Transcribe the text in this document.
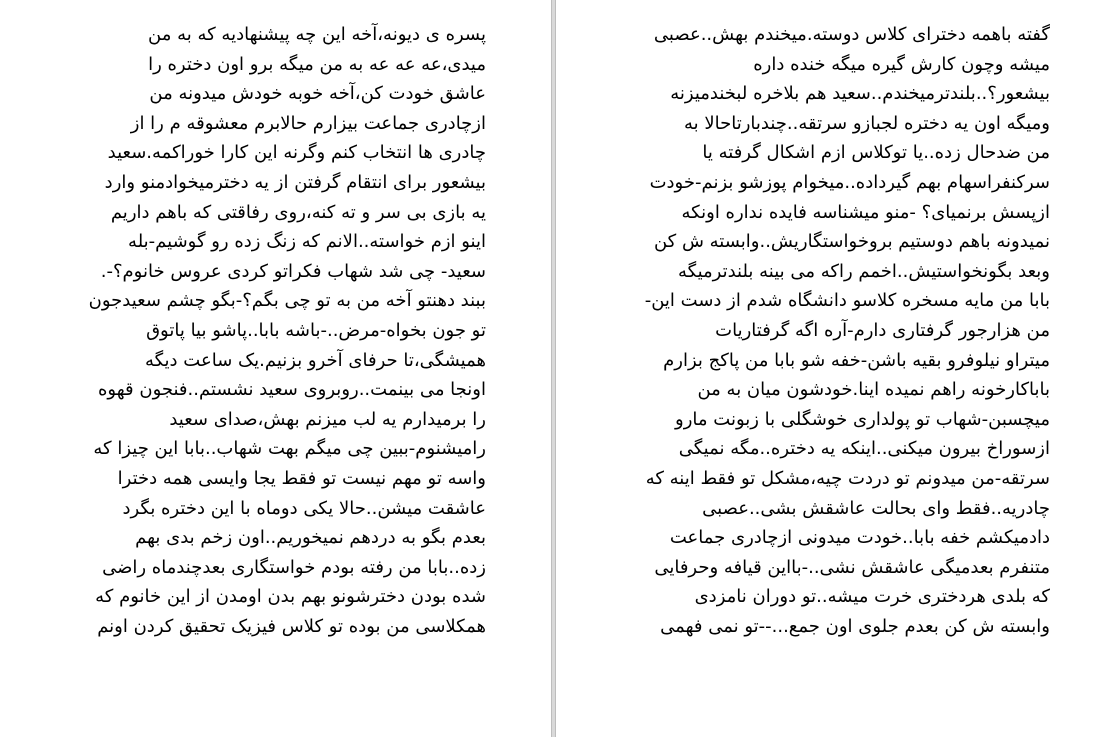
پسره ی دیونه،آخه این چه پیشنهادیه که به من
میدی،عه عه عه به من میگه برو اون دختره را
عاشق خودت کن،آخه خوبه خودش میدونه من
ازچادری جماعت بیزارم حالابرم معشوقه م را از
چادری ها انتخاب کنم وگرنه این کارا خوراکمه.سعید
بیشعور برای انتقام گرفتن از یه دخترمیخوادمنو وارد
یه بازی بی سر و ته کنه،روی رفاقتی که باهم داریم
اینو ازم خواسته..الانم که زنگ زده رو گوشیم-بله
سعید- چی شد شهاب فکراتو کردی عروس خانوم؟-.
ببند دهنتو آخه من به تو چی بگم؟-بگو چشم سعیدجون
تو جون بخواه-مرض..-باشه بابا..پاشو بیا پاتوق
همیشگی،تا حرفای آخرو بزنیم.یک ساعت دیگه
اونجا می بینمت..روبروی سعید نشستم..فنجون قهوه
را برمیدارم یه لب میزنم بهش،صدای سعید
رامیشنوم-ببین چی میگم بهت شهاب..بابا این چیزا که
واسه تو مهم نیست تو فقط یجا وایسی همه دخترا
عاشقت میشن..حالا یکی دوماه با این دختره بگرد
بعدم بگو به دردهم نمیخوریم..اون زخم بدی بهم
زده..بابا من رفته بودم خواستگاری بعدچندماه راضی
شده بودن دخترشونو بهم بدن اومدن از این خانوم که
همکلاسی من بوده تو کلاس فیزیک تحقیق کردن اونم
گفته باهمه دخترای کلاس دوسته.میخندم بهش..عصبی
میشه وچون کارش گیره میگه خنده داره
بیشعور؟..بلندترمیخندم..سعید هم بلاخره لبخندمیزنه
ومیگه اون یه دختره لجبازو سرتقه..چندبارتاحالا به
من ضدحال زده..یا توکلاس ازم اشکال گرفته یا
سرکنفراسهام بهم گیرداده..میخوام پوزشو بزنم-خودت
ازپسش برنمیای؟ -منو میشناسه فایده نداره اونکه
نمیدونه باهم دوستیم بروخواستگاریش..وابسته ش کن
وبعد بگونخواستیش..اخمم راکه می بینه بلندترمیگه
بابا من مایه مسخره کلاسو دانشگاه شدم از دست این-
من هزارجور گرفتاری دارم-آره اگه گرفتاریات
میتراو نیلوفرو بقیه باشن-خفه شو بابا من پاکج بزارم
باباکارخونه راهم نمیده اینا.خودشون میان به من
میچسبن-شهاب تو پولداری خوشگلی با زبونت مارو
ازسوراخ بیرون میکنی..اینکه یه دختره..مگه نمیگی
سرتقه-من میدونم تو دردت چیه،مشکل تو فقط اینه که
چادریه..فقط وای بحالت عاشقش بشی..عصبی
دادمیکشم خفه بابا..خودت میدونی ازچادری جماعت
متنفرم بعدمیگی عاشقش نشی..-بااین قیافه وحرفایی
که بلدی هردختری خرت میشه..تو دوران نامزدی
وابسته ش کن بعدم جلوی اون جمع...--تو نمی فهمی
